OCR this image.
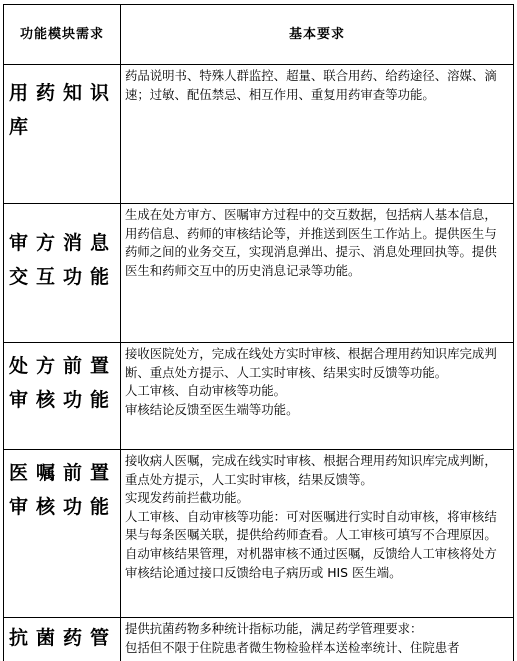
功能模块需求	基本要求
用药知识库

药品说明书、特殊人群监控、超量、联合用药、给药途径、溶媒、滴速；过敏、配伍禁忌、相互作用、重复用药审查等功能。

审方消息交互功能

生成在处方审方、医嘱审方过程中的交互数据，包括病人基本信息，用药信息、药师的审核结论等，并推送到医生工作站上。提供医生与药师之间的业务交互，实现消息弹出、提示、消息处理回执等。提供医生和药师交互中的历史消息记录等功能。

处方前置审核功能

接收医院处方，完成在线处方实时审核、根据合理用药知识库完成判断、重点处方提示、人工实时审核、结果实时反馈等功能。

人工审核、自动审核等功能。

审核结论反馈至医生端等功能。

医嘱前置审核功能

接收病人医嘱，完成在线实时审核、根据合理用药知识库完成判断，重点处方提示，人工实时审核，结果反馈等。

实现发药前拦截功能。

人工审核、自动审核等功能：可对医嘱进行实时自动审核，将审核结果与每条医嘱关联，提供给药师查看。人工审核可填写不合理原因。

自动审核结果管理，对机器审核不通过医嘱，反馈给人工审核将处方审核结论通过接口反馈给电子病历或 HIS 医生端。

抗菌药管 提供抗菌药物多种统计指标功能，满足药学管理要求：

包括但不限于住院患者微生物检验样本送检率统计、住院患者
